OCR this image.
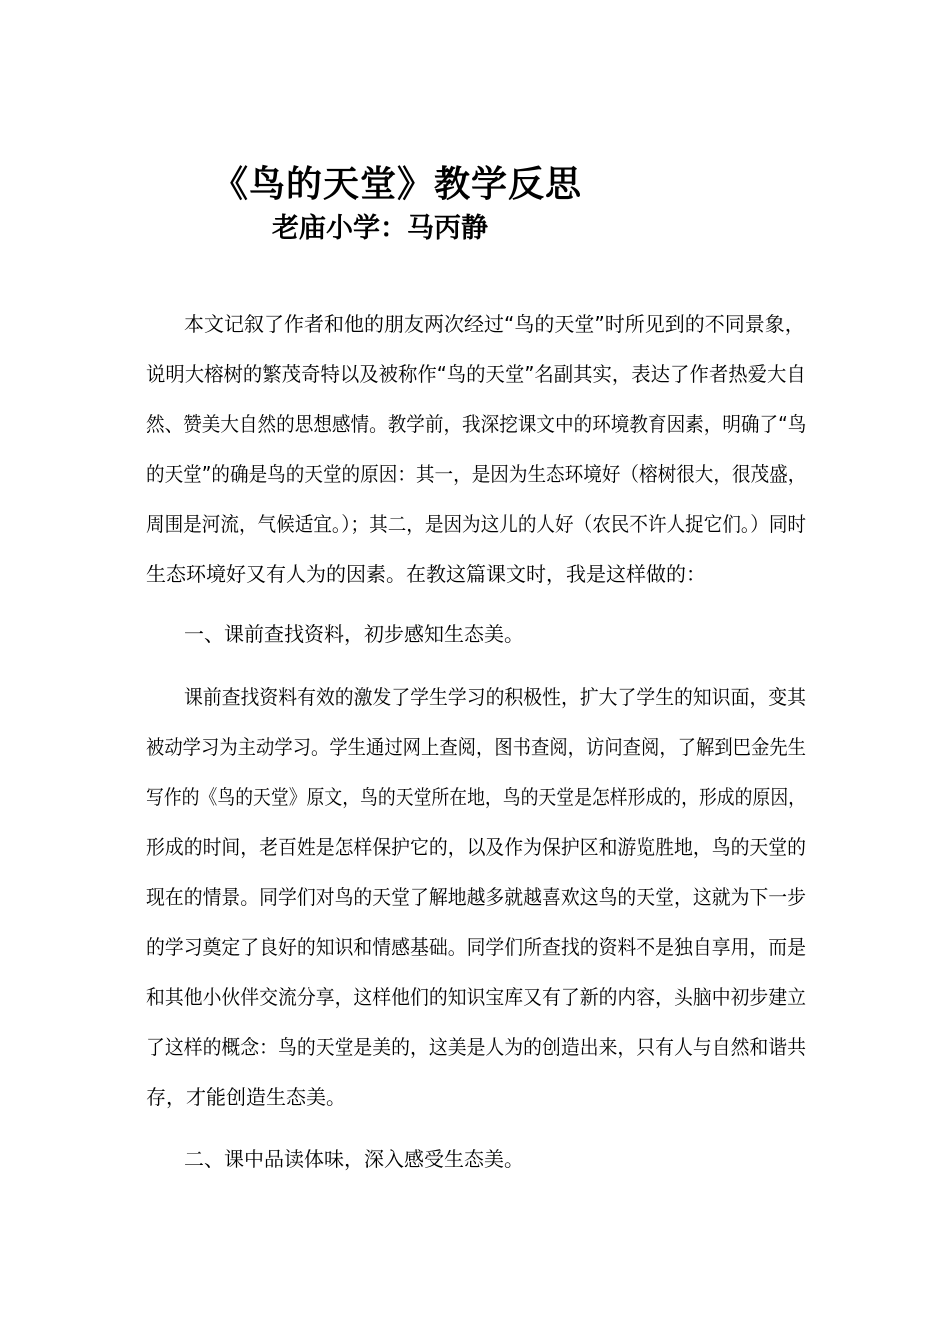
《鸟的天堂》教学反思
老庙小学：马丙静
本文记叙了作者和他的朋友两次经过“鸟的天堂”时所见到的不同景象，
说明大榕树的繁茂奇特以及被称作“鸟的天堂”名副其实，表达了作者热爱大自
然、赞美大自然的思想感情。教学前，我深挖课文中的环境教育因素，明确了“鸟
的天堂”的确是鸟的天堂的原因：其一，是因为生态环境好（榕树很大，很茂盛，
周围是河流，气候适宜。）；其二，是因为这儿的人好（农民不许人捉它们。）同时
生态环境好又有人为的因素。在教这篇课文时，我是这样做的：
一、课前查找资料，初步感知生态美。
课前查找资料有效的激发了学生学习的积极性，扩大了学生的知识面，变其
被动学习为主动学习。学生通过网上查阅，图书查阅，访问查阅，了解到巴金先生
写作的《鸟的天堂》原文，鸟的天堂所在地，鸟的天堂是怎样形成的，形成的原因，
形成的时间，老百姓是怎样保护它的，以及作为保护区和游览胜地，鸟的天堂的
现在的情景。同学们对鸟的天堂了解地越多就越喜欢这鸟的天堂，这就为下一步
的学习奠定了良好的知识和情感基础。同学们所查找的资料不是独自享用，而是
和其他小伙伴交流分享，这样他们的知识宝库又有了新的内容，头脑中初步建立
了这样的概念：鸟的天堂是美的，这美是人为的创造出来，只有人与自然和谐共
存，才能创造生态美。
二、课中品读体味，深入感受生态美。
